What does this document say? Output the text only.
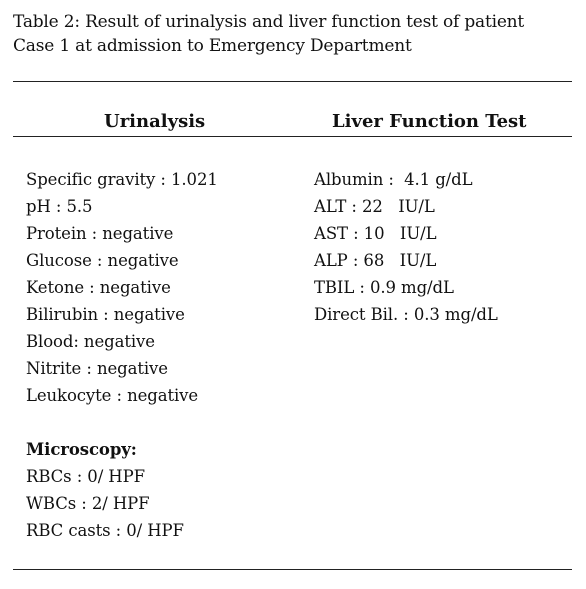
Table 2: Result of urinalysis and liver function test of patient
Case 1 at admission to Emergency Department
Urinalysis	Liver Function Test
Specific gravity : 1.021
pH : 5.5
Protein : negative
Glucose : negative
Ketone : negative
Bilirubin : negative
Blood: negative
Nitrite : negative
Leukocyte : negative
Microscopy:
RBCs : 0/ HPF
WBCs : 2/ HPF
RBC casts : 0/ HPF
Albumin :  4.1 g/dL
ALT : 22   IU/L
AST : 10   IU/L
ALP : 68   IU/L
TBIL : 0.9 mg/dL
Direct Bil. : 0.3 mg/dL
